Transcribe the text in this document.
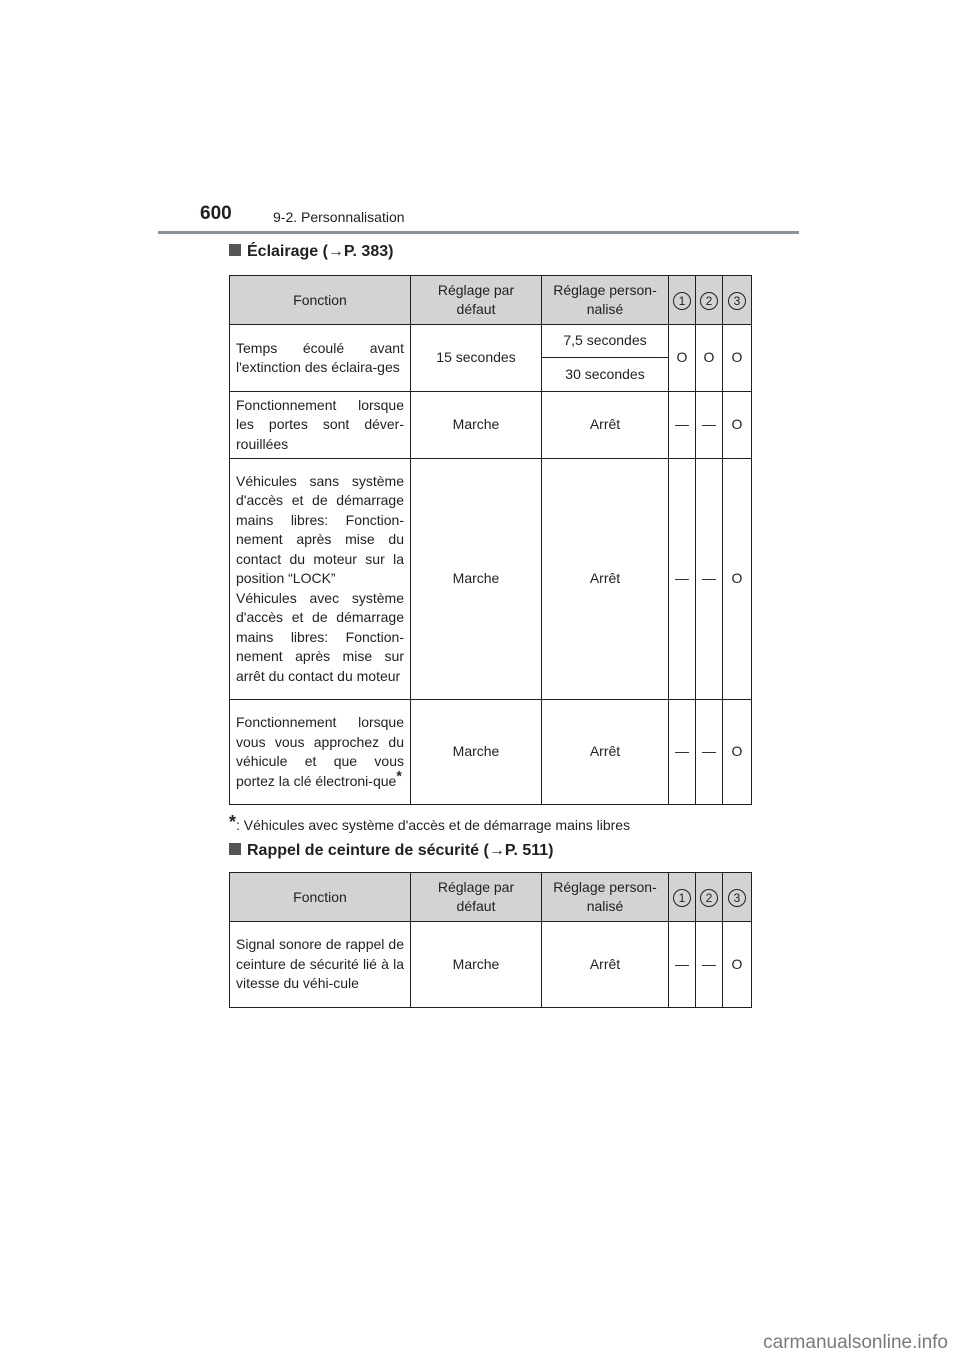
600	9-2. Personnalisation
Éclairage (→P. 383)
Fonction	Réglage par défaut	Réglage person-nalisé	1	2	3
Temps écoulé avant l'extinction des éclaira-ges	15 secondes	7,5 secondes	O	O	O
		30 secondes			
Fonctionnement lorsque les portes sont déver-rouillées	Marche	Arrêt	—	—	O

Véhicules sans système d'accès et de démarrage mains libres: Fonction-nement après mise du contact du moteur sur la position “LOCK”
Véhicules avec système d'accès et de démarrage mains libres: Fonction-nement après mise sur arrêt du contact du moteur	Marche	Arrêt	—	—	O
Fonctionnement lorsque vous vous approchez du véhicule et que vous portez la clé électroni-que*	Marche	Arrêt	—	—	O
*: Véhicules avec système d'accès et de démarrage mains libres
Rappel de ceinture de sécurité (→P. 511)
Fonction	Réglage par défaut	Réglage person-nalisé	1	2	3
Signal sonore de rappel de ceinture de sécurité lié à la vitesse du véhi-cule	Marche	Arrêt	—	—	O
carmanualsonline.info
